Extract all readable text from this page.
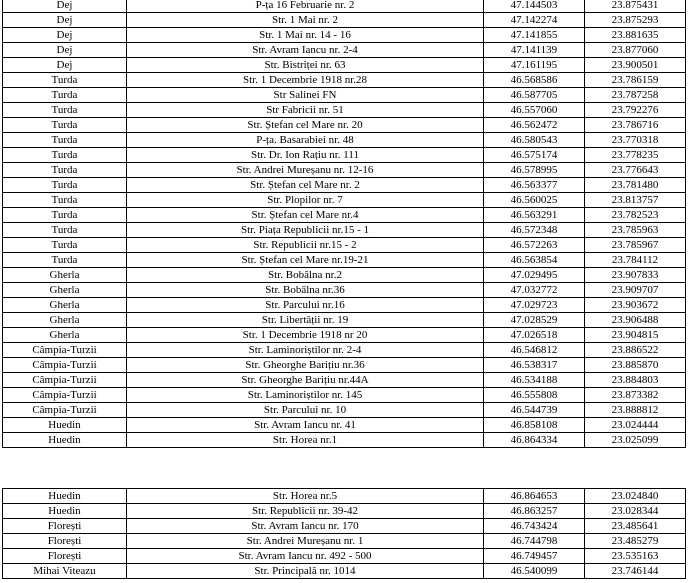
Dej	P-ța 16 Februarie nr. 2	47.144503	23.875431
Dej	Str. 1 Mai nr. 2	47.142274	23.875293
Dej	Str. 1 Mai nr. 14 - 16	47.141855	23.881635
Dej	Str. Avram Iancu nr. 2-4	47.141139	23.877060
Dej	Str. Bistriței nr. 63	47.161195	23.900501
Turda	Str. 1 Decembrie 1918 nr.28	46.568586	23.786159
Turda	Str Salinei FN	46.587705	23.787258
Turda	Str Fabricii nr. 51	46.557060	23.792276
Turda	Str. Ștefan cel Mare nr. 20	46.562472	23.786716
Turda	P-ța. Basarabiei nr. 48	46.580543	23.770318
Turda	Str. Dr. Ion Rațiu nr. 111	46.575174	23.778235
Turda	Str. Andrei Mureșanu nr. 12-16	46.578995	23.776643
Turda	Str. Ștefan cel Mare nr. 2	46.563377	23.781480
Turda	Str. Plopilor nr. 7	46.560025	23.813757
Turda	Str. Ștefan cel Mare nr.4	46.563291	23.782523
Turda	Str. Piața Republicii nr.15 - 1	46.572348	23.785963
Turda	Str. Republicii nr.15 - 2	46.572263	23.785967
Turda	Str. Ștefan cel Mare nr.19-21	46.563854	23.784112
Gherla	Str. Bobâlna nr.2	47.029495	23.907833
Gherla	Str. Bobâlna nr.36	47.032772	23.909707
Gherla	Str. Parcului nr.16	47.029723	23.903672
Gherla	Str. Libertății nr. 19	47.028529	23.906488
Gherla	Str. 1 Decembrie 1918 nr 20	47.026518	23.904815
Câmpia-Turzii	Str. Laminoriștilor nr. 2-4	46.546812	23.886522
Câmpia-Turzii	Str. Gheorghe Barițiu nr.36	46.538317	23.885870
Câmpia-Turzii	Str. Gheorghe Barițiu nr.44A	46.534188	23.884803
Câmpia-Turzii	Str. Laminoriștilor nr. 145	46.555808	23.873382
Câmpia-Turzii	Str. Parcului nr. 10	46.544739	23.888812
Huedin	Str. Avram Iancu nr. 41	46.858108	23.024444
Huedin	Str. Horea nr.1	46.864334	23.025099
Huedin	Str. Horea nr.5	46.864653	23.024840
Huedin	Str. Republicii nr. 39-42	46.863257	23.028344
Florești	Str. Avram Iancu nr. 170	46.743424	23.485641
Florești	Str. Andrei Mureșanu nr. 1	46.744798	23.485279
Florești	Str. Avram Iancu nr. 492 - 500	46.749457	23.535163
Mihai Viteazu	Str. Principală nr. 1014	46.540099	23.746144
